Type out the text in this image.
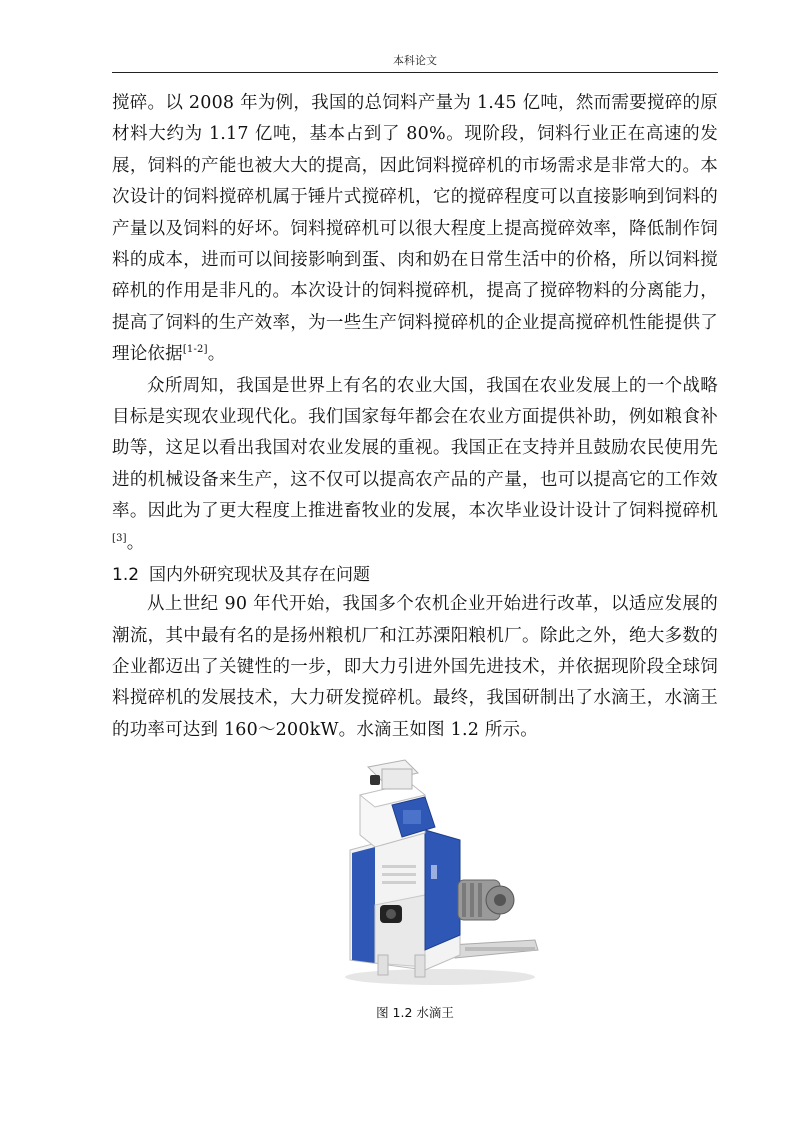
本科论文

搅碎。以 2008 年为例，我国的总饲料产量为 1.45 亿吨，然而需要搅碎的原材料大约为 1.17 亿吨，基本占到了 80%。现阶段，饲料行业正在高速的发展，饲料的产能也被大大的提高，因此饲料搅碎机的市场需求是非常大的。本次设计的饲料搅碎机属于锤片式搅碎机，它的搅碎程度可以直接影响到饲料的产量以及饲料的好坏。饲料搅碎机可以很大程度上提高搅碎效率，降低制作饲料的成本，进而可以间接影响到蛋、肉和奶在日常生活中的价格，所以饲料搅碎机的作用是非凡的。本次设计的饲料搅碎机，提高了搅碎物料的分离能力，提高了饲料的生产效率，为一些生产饲料搅碎机的企业提高搅碎机性能提供了理论依据[1-2]。

众所周知，我国是世界上有名的农业大国，我国在农业发展上的一个战略目标是实现农业现代化。我们国家每年都会在农业方面提供补助，例如粮食补助等，这足以看出我国对农业发展的重视。我国正在支持并且鼓励农民使用先进的机械设备来生产，这不仅可以提高农产品的产量，也可以提高它的工作效率。因此为了更大程度上推进畜牧业的发展，本次毕业设计设计了饲料搅碎机[3]。

1.2 国内外研究现状及其存在问题

从上世纪 90 年代开始，我国多个农机企业开始进行改革，以适应发展的潮流，其中最有名的是扬州粮机厂和江苏溧阳粮机厂。除此之外，绝大多数的企业都迈出了关键性的一步，即大力引进外国先进技术，并依据现阶段全球饲料搅碎机的发展技术，大力研发搅碎机。最终，我国研制出了水滴王，水滴王的功率可达到 160～200kW。水滴王如图 1.2 所示。

图 1.2 水滴王
